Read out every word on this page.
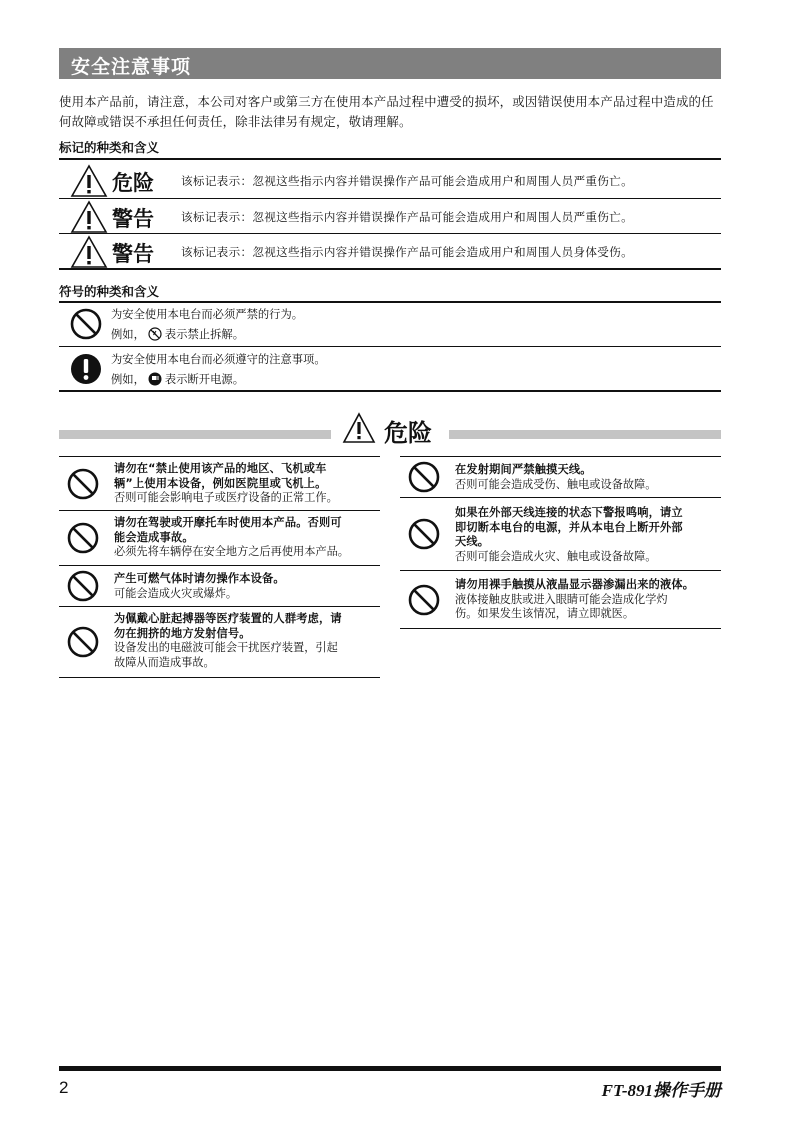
安全注意事项
使用本产品前，请注意，本公司对客户或第三方在使用本产品过程中遭受的损坏，或因错误使用本产品过程中造成的任何故障或错误不承担任何责任，除非法律另有规定，敬请理解。
标记的种类和含义
危险 该标记表示：忽视这些指示内容并错误操作产品可能会造成用户和周围人员严重伤亡。
警告 该标记表示：忽视这些指示内容并错误操作产品可能会造成用户和周围人员严重伤亡。
警告 该标记表示：忽视这些指示内容并错误操作产品可能会造成用户和周围人员身体受伤。
符号的种类和含义
为安全使用本电台而必须严禁的行为。
例如， 表示禁止拆解。
为安全使用本电台而必须遵守的注意事项。
例如， 表示断开电源。
危险
请勿在“禁止使用该产品的地区、飞机或车
辆”上使用本设备，例如医院里或飞机上。
否则可能会影响电子或医疗设备的正常工作。
请勿在驾驶或开摩托车时使用本产品。否则可
能会造成事故。
必须先将车辆停在安全地方之后再使用本产品。
产生可燃气体时请勿操作本设备。
可能会造成火灾或爆炸。
为佩戴心脏起搏器等医疗装置的人群考虑，请
勿在拥挤的地方发射信号。
设备发出的电磁波可能会干扰医疗装置，引起
故障从而造成事故。
在发射期间严禁触摸天线。
否则可能会造成受伤、触电或设备故障。
如果在外部天线连接的状态下警报鸣响，请立
即切断本电台的电源，并从本电台上断开外部
天线。
否则可能会造成火灾、触电或设备故障。
请勿用裸手触摸从液晶显示器渗漏出来的液体。
液体接触皮肤或进入眼睛可能会造成化学灼
伤。如果发生该情况，请立即就医。
2	FT-891操作手册
